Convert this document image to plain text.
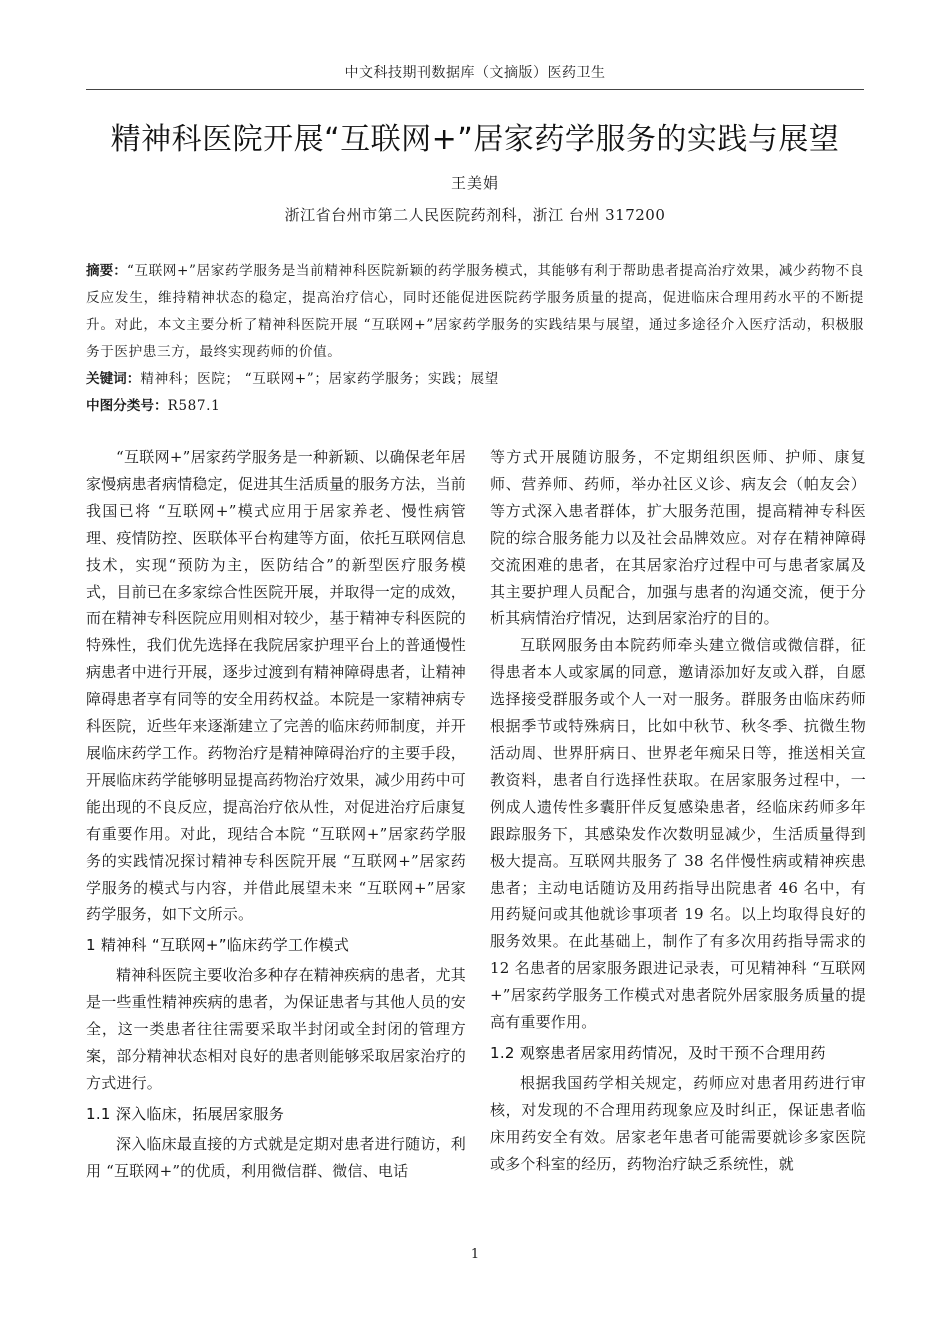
中文科技期刊数据库（文摘版）医药卫生
精神科医院开展“互联网+”居家药学服务的实践与展望
王美娟
浙江省台州市第二人民医院药剂科，浙江 台州 317200

摘要：“互联网+”居家药学服务是当前精神科医院新颖的药学服务模式，其能够有利于帮助患者提高治疗效果，减少药物不良反应发生，维持精神状态的稳定，提高治疗信心，同时还能促进医院药学服务质量的提高，促进临床合理用药水平的不断提升。对此，本文主要分析了精神科医院开展 “互联网+”居家药学服务的实践结果与展望，通过多途径介入医疗活动，积极服务于医护患三方，最终实现药师的价值。

关键词：精神科；医院； “互联网+”；居家药学服务；实践；展望

中图分类号：R587.1

“互联网+”居家药学服务是一种新颖、以确保老年居家慢病患者病情稳定，促进其生活质量的服务方法，当前我国已将 “互联网+”模式应用于居家养老、慢性病管理、疫情防控、医联体平台构建等方面，依托互联网信息技术，实现“预防为主，医防结合”的新型医疗服务模式，目前已在多家综合性医院开展，并取得一定的成效，而在精神专科医院应用则相对较少，基于精神专科医院的特殊性，我们优先选择在我院居家护理平台上的普通慢性病患者中进行开展，逐步过渡到有精神障碍患者，让精神障碍患者享有同等的安全用药权益。本院是一家精神病专科医院，近些年来逐渐建立了完善的临床药师制度，并开展临床药学工作。药物治疗是精神障碍治疗的主要手段，开展临床药学能够明显提高药物治疗效果，减少用药中可能出现的不良反应，提高治疗依从性，对促进治疗后康复有重要作用。对此，现结合本院 “互联网+”居家药学服务的实践情况探讨精神专科医院开展 “互联网+”居家药学服务的模式与内容，并借此展望未来 “互联网+”居家药学服务，如下文所示。

1 精神科 “互联网+”临床药学工作模式

精神科医院主要收治多种存在精神疾病的患者，尤其是一些重性精神疾病的患者，为保证患者与其他人员的安全，这一类患者往往需要采取半封闭或全封闭的管理方案，部分精神状态相对良好的患者则能够采取居家治疗的方式进行。

1.1 深入临床，拓展居家服务

深入临床最直接的方式就是定期对患者进行随访，利用 “互联网+”的优质，利用微信群、微信、电话

等方式开展随访服务，不定期组织医师、护师、康复师、营养师、药师，举办社区义诊、病友会（帕友会）等方式深入患者群体，扩大服务范围，提高精神专科医院的综合服务能力以及社会品牌效应。对存在精神障碍交流困难的患者，在其居家治疗过程中可与患者家属及其主要护理人员配合，加强与患者的沟通交流，便于分析其病情治疗情况，达到居家治疗的目的。

互联网服务由本院药师牵头建立微信或微信群，征得患者本人或家属的同意，邀请添加好友或入群，自愿选择接受群服务或个人一对一服务。群服务由临床药师根据季节或特殊病日，比如中秋节、秋冬季、抗微生物活动周、世界肝病日、世界老年痴呆日等，推送相关宣教资料，患者自行选择性获取。在居家服务过程中，一例成人遗传性多囊肝伴反复感染患者，经临床药师多年跟踪服务下，其感染发作次数明显减少，生活质量得到极大提高。互联网共服务了 38 名伴慢性病或精神疾患患者；主动电话随访及用药指导出院患者 46 名中，有用药疑问或其他就诊事项者 19 名。以上均取得良好的服务效果。在此基础上，制作了有多次用药指导需求的 12 名患者的居家服务跟进记录表，可见精神科 “互联网+”居家药学服务工作模式对患者院外居家服务质量的提高有重要作用。

1.2 观察患者居家用药情况，及时干预不合理用药

根据我国药学相关规定，药师应对患者用药进行审核，对发现的不合理用药现象应及时纠正，保证患者临床用药安全有效。居家老年患者可能需要就诊多家医院或多个科室的经历，药物治疗缺乏系统性，就

1
